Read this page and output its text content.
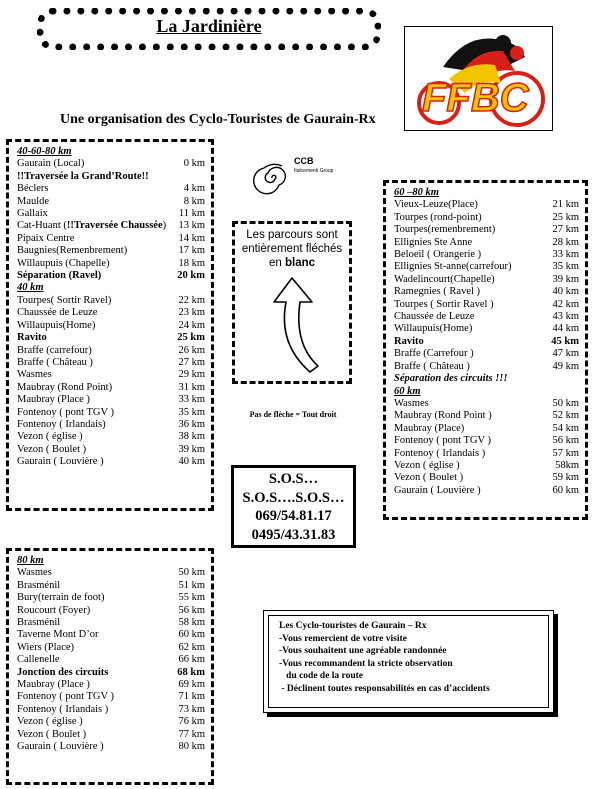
La Jardinière
FFBC
Une organisation des Cyclo-Touristes de Gaurain-Rx
40-60-80 km
Gaurain (Local)	0 km
!!Traversée la Grand’Route!!
Béclers	4 km
Maulde	8 km
Gallaix	11 km
Cat-Huant (!!Traversée Chaussée)	13 km
Pipaix Centre	14 km
Baugnies(Remenbrement)	17 km
Willaupuis (Chapelle)	18 km
Séparation (Ravel)	20 km
40 km
Tourpes( Sortir Ravel)	22 km
Chaussée de Leuze	23 km
Willaupuis(Home)	24 km
Ravito	25 km
Braffe (carrefour)	26 km
Braffe ( Château )	27 km
Wasmes	29 km
Maubray (Rond Point)	31 km
Maubray (Place )	33 km
Fontenoy ( pont TGV )	35 km
Fontenoy ( Irlandais)	36 km
Vezon ( église )	38 km
Vezon ( Boulet )	39 km
Gaurain ( Louvière )	40 km
60 –80 km
Vieux-Leuze(Place)	21 km
Tourpes (rond-point)	25 km
Tourpes(remenbrement)	27 km
Ellignies Ste Anne	28 km
Beloeil ( Orangerie )	33 km
Ellignies St-anne(carrefour)	35 km
Wadelincourt(Chapelle)	39 km
Ramegnies ( Ravel )	40 km
Tourpes ( Sortir Ravel )	42 km
Chaussée de Leuze	43 km
Willaupuis(Home)	44 km
Ravito	45 km
Braffe (Carrefour )	47 km
Braffe ( Château )	49 km
Séparation des circuits !!!
60 km
Wasmes	50 km
Maubray (Rond Point )	52 km
Maubray (Place)	54 km
Fontenoy ( pont TGV )	56 km
Fontenoy ( Irlandais )	57 km
Vezon ( église )	58km
Vezon ( Boulet )	59 km
Gaurain ( Louvière )	60 km
80 km
Wasmes	50 km
Brasménil	51 km
Bury(terrain de foot)	55 km
Roucourt (Foyer)	56 km
Brasménil	58 km
Taverne Mont D’or	60 km
Wiers (Place)	62 km
Callenelle	66 km
Jonction des circuits	68 km
Maubray (Place )	69 km
Fontenoy ( pont TGV )	71 km
Fontenoy ( Irlandais )	73 km
Vezon ( église )	76 km
Vezon ( Boulet )	77 km
Gaurain ( Louvière )	80 km
CCB
Italcementi Group
Les parcours sont
entièrement fléchés
en blanc
Pas de flèche = Tout droit
S.O.S…
S.O.S….S.O.S…
069/54.81.17
0495/43.31.83
Les Cyclo-touristes de Gaurain – Rx
-Vous remercient de votre visite
-Vous souhaitent une agréable randonnée
-Vous recommandent la stricte observation
du code de la route
- Déclinent toutes responsabilités en cas d’accidents
